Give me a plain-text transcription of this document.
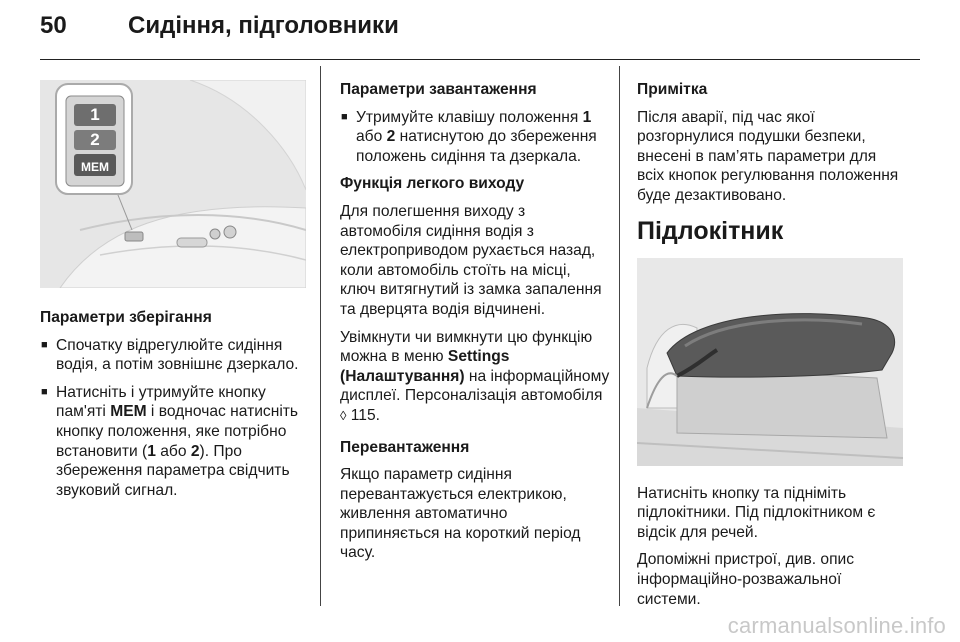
50	Сидіння, підголовники
1
2
MEM

Параметри зберігання

■ Спочатку відрегулюйте сидіння водія, а потім зовнішнє дзеркало.
■ Натисніть і утримуйте кнопку пам'яті MEM і водночас натисніть кнопку положення, яке потрібно встановити (1 або 2). Про збереження параметра свідчить звуковий сигнал.

Параметри завантаження

■ Утримуйте клавішу положення 1 або 2 натиснутою до збереження положень сидіння та дзеркала.

Функція легкого виходу

Для полегшення виходу з автомобіля сидіння водія з електроприводом рухається назад, коли автомобіль стоїть на місці, ключ витягнутий із замка запалення та дверцята водія відчинені.

Увімкнути чи вимкнути цю функцію можна в меню Settings (Налаштування) на інформаційному дисплеї. Персоналізація автомобіля ◊ 115.

Перевантаження

Якщо параметр сидіння перевантажується електрикою, живлення автоматично припиняється на короткий період часу.

Примітка

Після аварії, під час якої розгорнулися подушки безпеки, внесені в пам’ять параметри для всіх кнопок регулювання положення буде дезактивовано.

Підлокітник

Натисніть кнопку та підніміть підлокітники. Під підлокітником є відсік для речей.

Допоміжні пристрої, див. опис інформаційно-розважальної системи.

carmanualsonline.info
